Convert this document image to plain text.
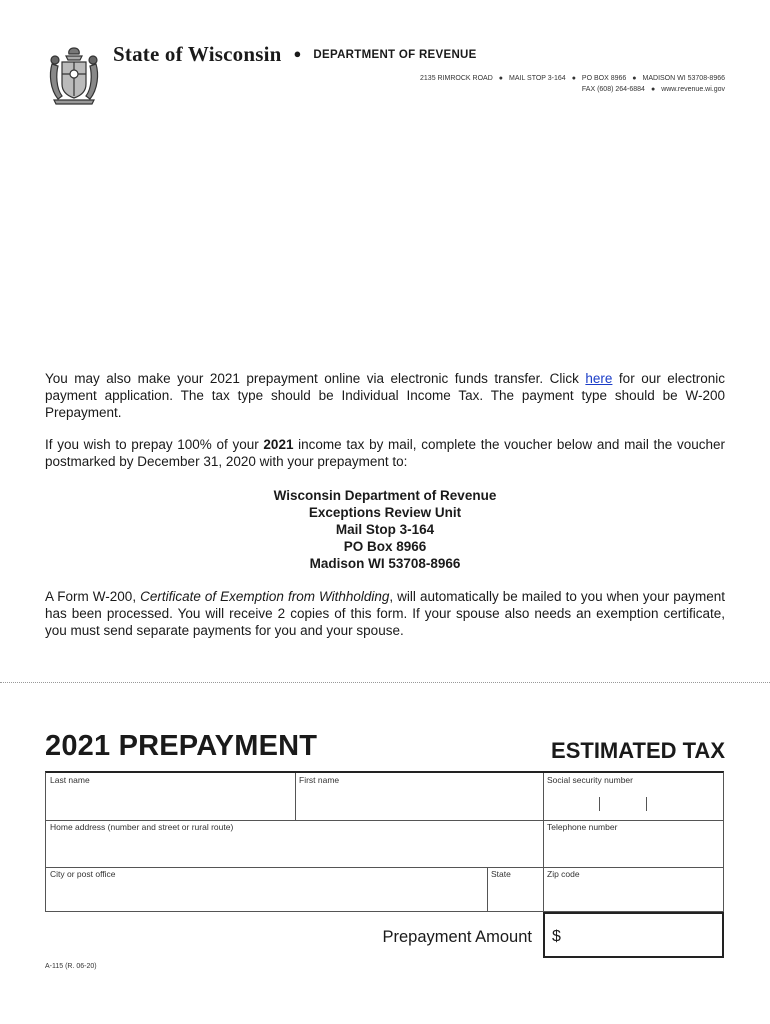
State of Wisconsin ● DEPARTMENT OF REVENUE
2135 RIMROCK ROAD ● MAIL STOP 3-164 ● PO BOX 8966 ● MADISON WI 53708-8966
FAX (608) 264-6884 ● www.revenue.wi.gov
You may also make your 2021 prepayment online via electronic funds transfer. Click here for our electronic payment application. The tax type should be Individual Income Tax. The payment type should be W-200 Prepayment.
If you wish to prepay 100% of your 2021 income tax by mail, complete the voucher below and mail the voucher postmarked by December 31, 2020 with your prepayment to:
Wisconsin Department of Revenue
Exceptions Review Unit
Mail Stop 3-164
PO Box 8966
Madison WI 53708-8966
A Form W-200, Certificate of Exemption from Withholding, will automatically be mailed to you when your payment has been processed. You will receive 2 copies of this form. If your spouse also needs an exemption certificate, you must send separate payments for you and your spouse.
2021 PREPAYMENT	ESTIMATED TAX
Last name	First name	Social security number
Home address (number and street or rural route)	Telephone number
City or post office	State	Zip code
Prepayment Amount $
A-115 (R. 06-20)
